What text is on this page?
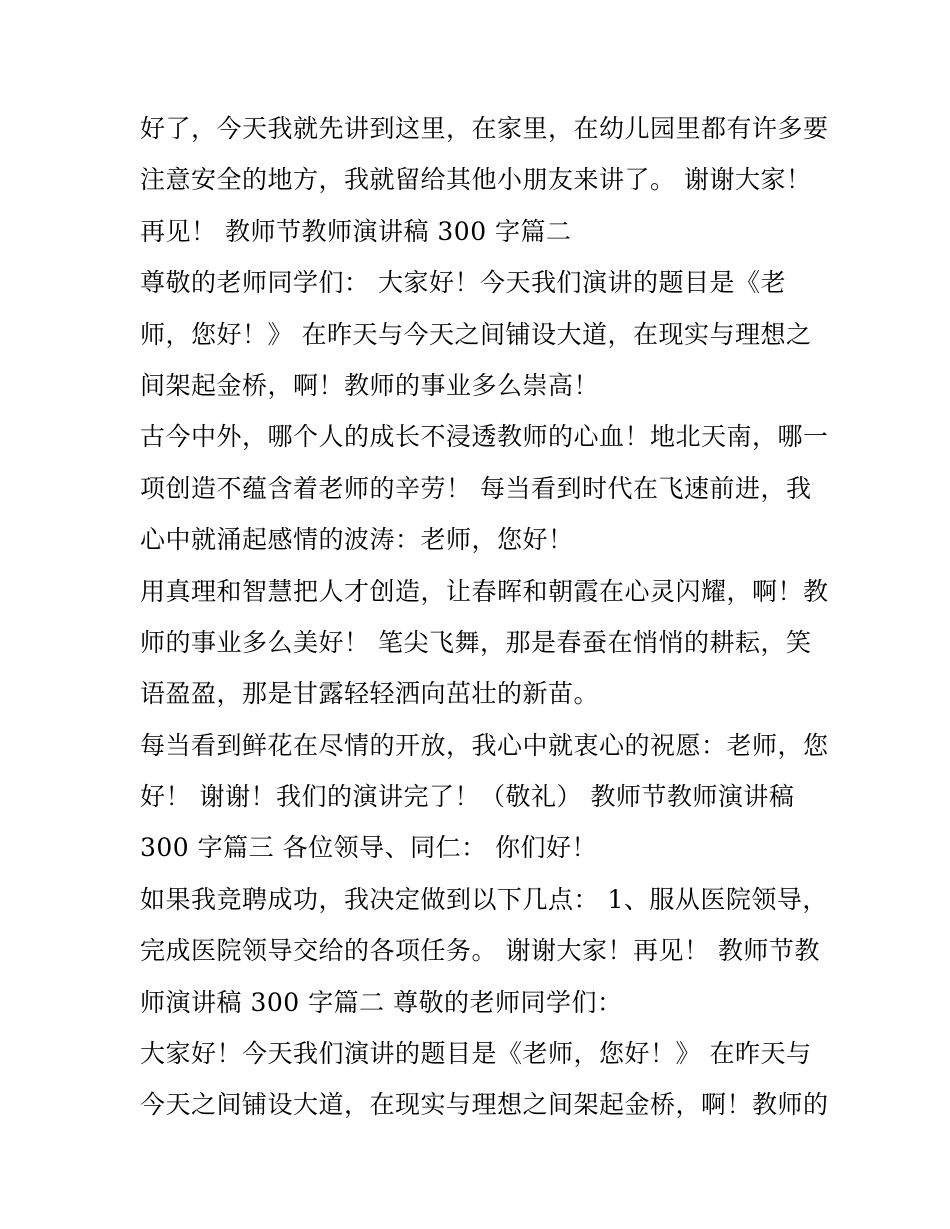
好了，今天我就先讲到这里，在家里，在幼儿园里都有许多要
注意安全的地方，我就留给其他小朋友来讲了。 谢谢大家！
再见！ 教师节教师演讲稿 300 字篇二
尊敬的老师同学们： 大家好！今天我们演讲的题目是《老
师，您好！》 在昨天与今天之间铺设大道，在现实与理想之
间架起金桥，啊！教师的事业多么崇高！
古今中外，哪个人的成长不浸透教师的心血！地北天南，哪一
项创造不蕴含着老师的辛劳！ 每当看到时代在飞速前进，我
心中就涌起感情的波涛：老师，您好！
用真理和智慧把人才创造，让春晖和朝霞在心灵闪耀，啊！教
师的事业多么美好！ 笔尖飞舞，那是春蚕在悄悄的耕耘，笑
语盈盈，那是甘露轻轻洒向茁壮的新苗。
每当看到鲜花在尽情的开放，我心中就衷心的祝愿：老师，您
好！ 谢谢！我们的演讲完了！（敬礼） 教师节教师演讲稿
300 字篇三 各位领导、同仁： 你们好！
如果我竞聘成功，我决定做到以下几点： 1、服从医院领导，
完成医院领导交给的各项任务。 谢谢大家！再见！ 教师节教
师演讲稿 300 字篇二 尊敬的老师同学们：
大家好！今天我们演讲的题目是《老师，您好！》 在昨天与
今天之间铺设大道，在现实与理想之间架起金桥，啊！教师的
